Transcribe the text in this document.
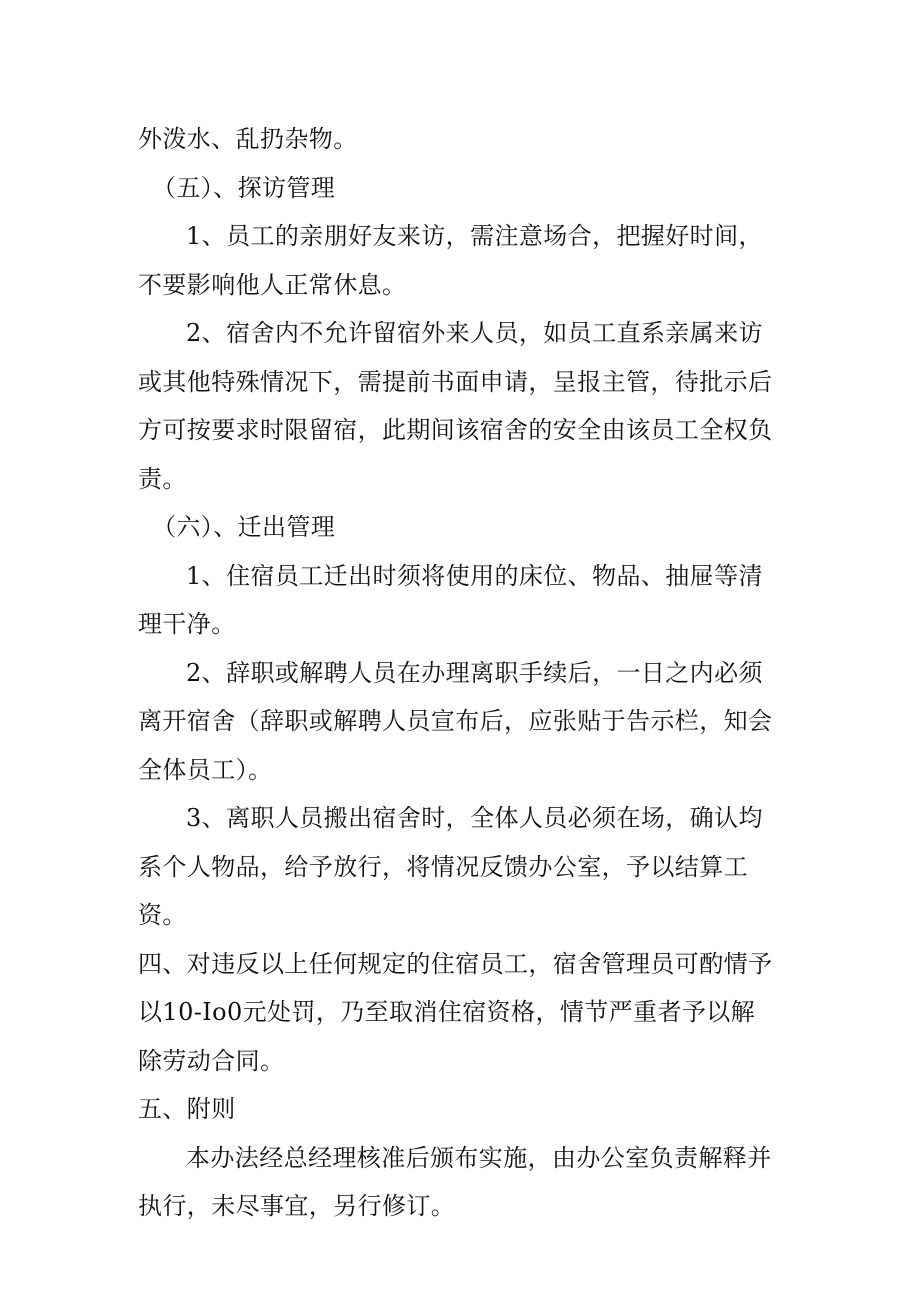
外泼水、乱扔杂物。

（五）、探访管理

1、员工的亲朋好友来访，需注意场合，把握好时间，不要影响他人正常休息。

2、宿舍内不允许留宿外来人员，如员工直系亲属来访或其他特殊情况下，需提前书面申请，呈报主管，待批示后方可按要求时限留宿，此期间该宿舍的安全由该员工全权负责。

（六）、迁出管理

1、住宿员工迁出时须将使用的床位、物品、抽屉等清理干净。

2、辞职或解聘人员在办理离职手续后，一日之内必须离开宿舍（辞职或解聘人员宣布后，应张贴于告示栏，知会全体员工）。

3、离职人员搬出宿舍时，全体人员必须在场，确认均系个人物品，给予放行，将情况反馈办公室，予以结算工资。

四、对违反以上任何规定的住宿员工，宿舍管理员可酌情予以10-Io0元处罚，乃至取消住宿资格，情节严重者予以解除劳动合同。

五、附则

本办法经总经理核准后颁布实施，由办公室负责解释并执行，未尽事宜，另行修订。
